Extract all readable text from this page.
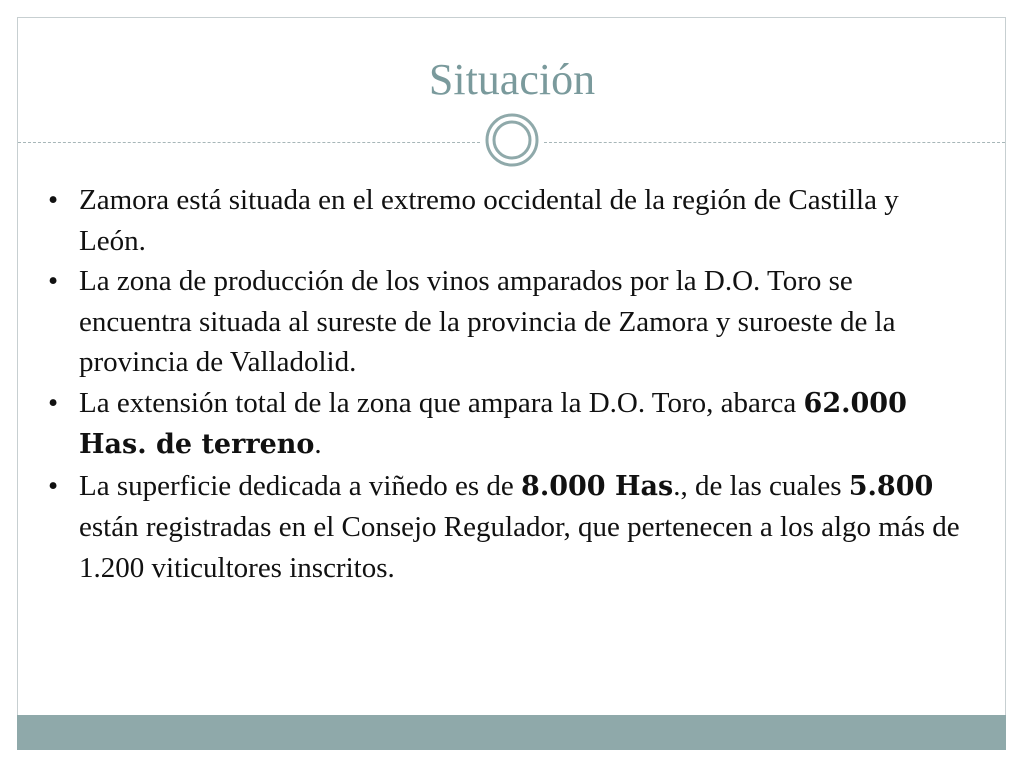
Situación
• Zamora está situada en el extremo occidental de la región de Castilla y León.
• La zona de producción de los vinos amparados por la D.O. Toro se encuentra situada al sureste de la provincia de Zamora y suroeste de la provincia de Valladolid.
• La extensión total de la zona que ampara la D.O. Toro, abarca 62.000 Has. de terreno.
• La superficie dedicada a viñedo es de 8.000 Has., de las cuales 5.800 están registradas en el Consejo Regulador, que pertenecen a los algo más de 1.200 viticultores inscritos.
